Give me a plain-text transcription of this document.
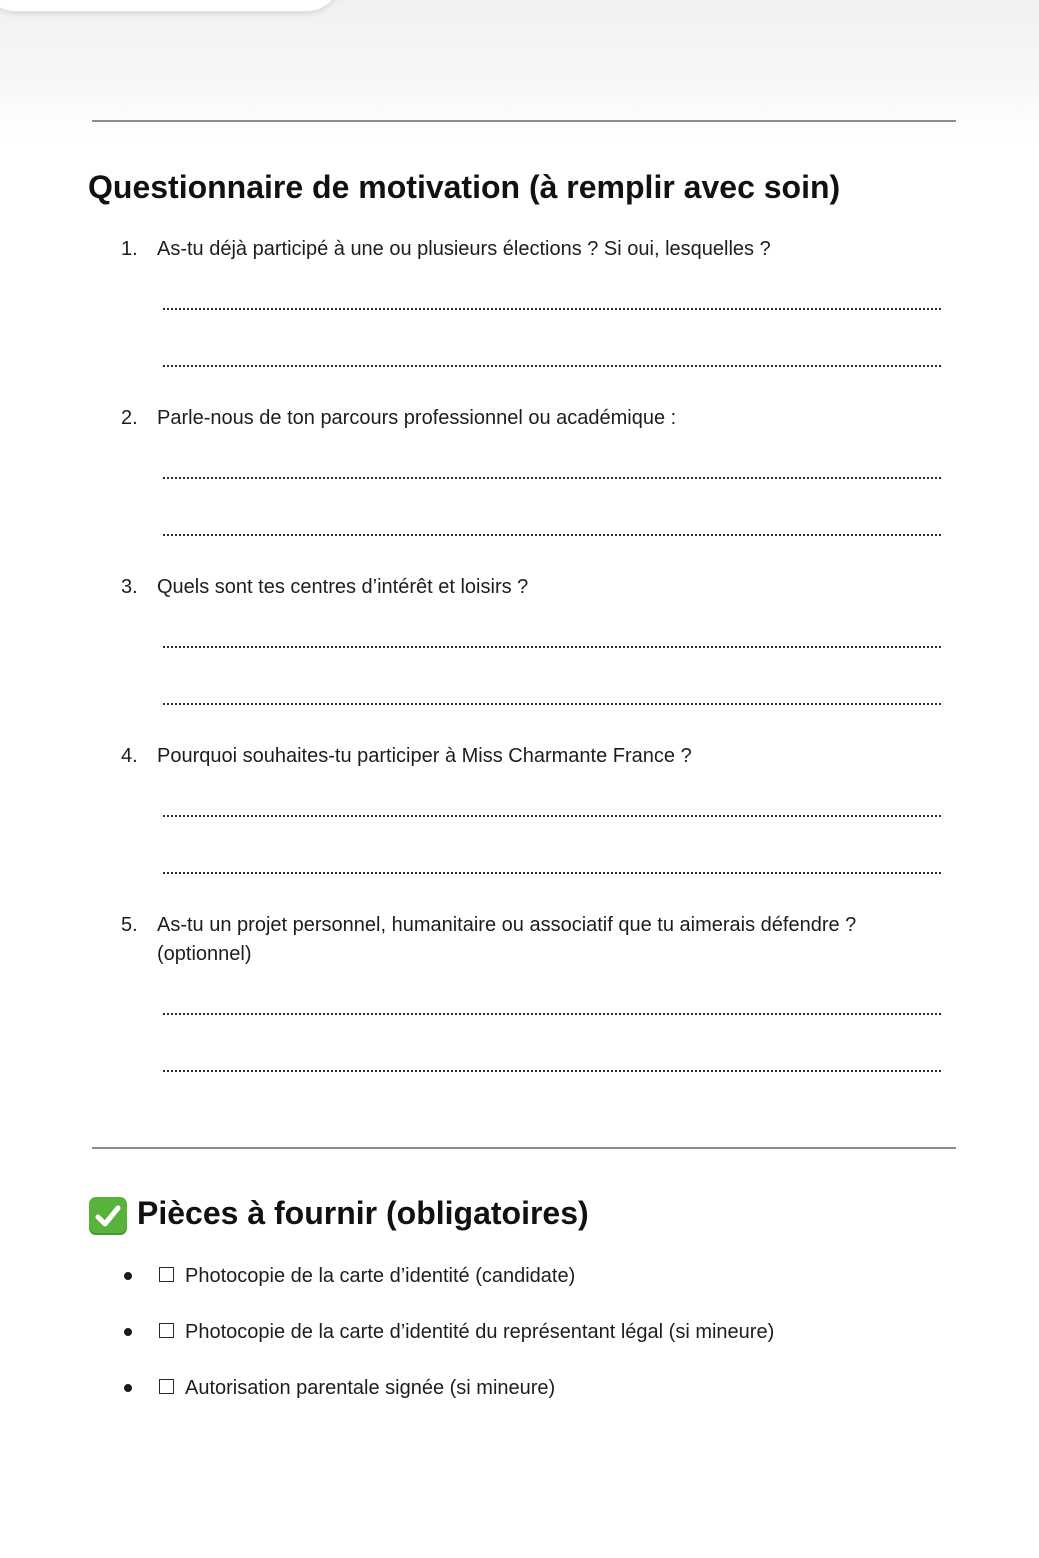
Questionnaire de motivation (à remplir avec soin)
1. As-tu déjà participé à une ou plusieurs élections ? Si oui, lesquelles ?
2. Parle-nous de ton parcours professionnel ou académique :
3. Quels sont tes centres d’intérêt et loisirs ?
4. Pourquoi souhaites-tu participer à Miss Charmante France ?
5. As-tu un projet personnel, humanitaire ou associatif que tu aimerais défendre ? (optionnel)
Pièces à fournir (obligatoires)
Photocopie de la carte d’identité (candidate)
Photocopie de la carte d’identité du représentant légal (si mineure)
Autorisation parentale signée (si mineure)
